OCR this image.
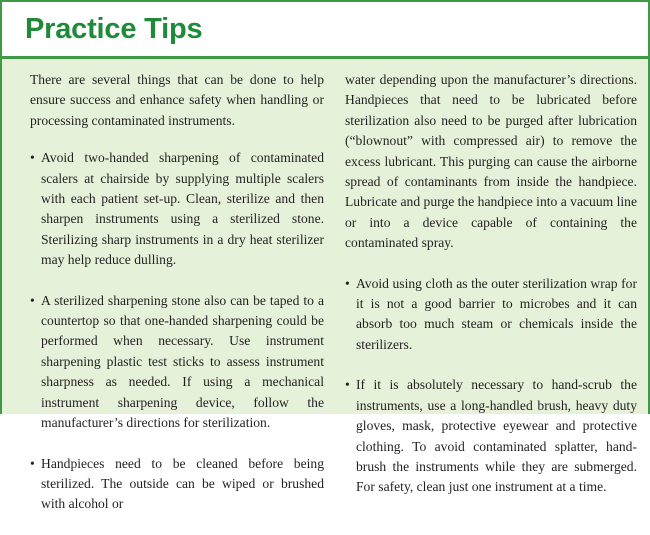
Practice Tips

There are several things that can be done to help ensure success and enhance safety when handling or processing contaminated instruments.

• Avoid two-handed sharpening of contaminated scalers at chairside by supplying multiple scalers with each patient set-up. Clean, sterilize and then sharpen instruments using a sterilized stone. Sterilizing sharp instruments in a dry heat sterilizer may help reduce dulling.

• A sterilized sharpening stone also can be taped to a countertop so that one-handed sharpening could be performed when necessary. Use instrument sharpening plastic test sticks to assess instrument sharpness as needed. If using a mechanical instrument sharpening device, follow the manufacturer’s directions for sterilization.

• Handpieces need to be cleaned before being sterilized. The outside can be wiped or brushed with alcohol or

water depending upon the manufacturer’s directions. Handpieces that need to be lubricated before sterilization also need to be purged after lubrication (“blownout” with compressed air) to remove the excess lubricant. This purging can cause the airborne spread of contaminants from inside the handpiece. Lubricate and purge the handpiece into a vacuum line or into a device capable of containing the contaminated spray.

• Avoid using cloth as the outer sterilization wrap for it is not a good barrier to microbes and it can absorb too much steam or chemicals inside the sterilizers.

• If it is absolutely necessary to hand-scrub the instruments, use a long-handled brush, heavy duty gloves, mask, protective eyewear and protective clothing. To avoid contaminated splatter, hand-brush the instruments while they are submerged. For safety, clean just one instrument at a time.
